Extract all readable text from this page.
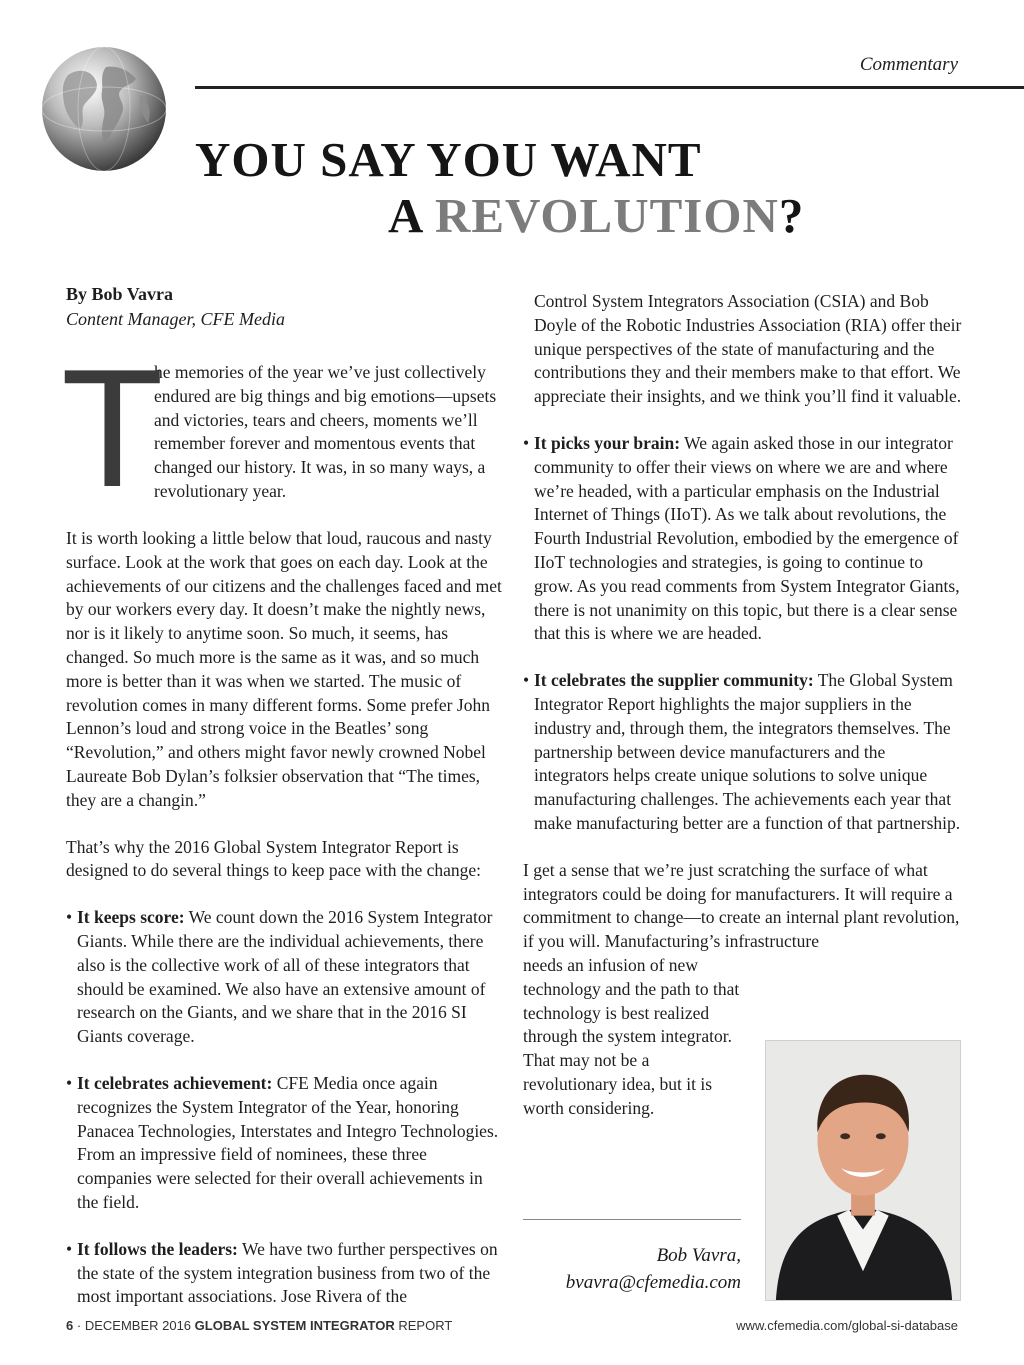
Commentary
YOU SAY YOU WANT
A REVOLUTION?
By Bob Vavra
Content Manager, CFE Media
T

he memories of the year we’ve just collectively endured are big things and big emotions—upsets and victories, tears and cheers, moments we’ll remember forever and momentous events that changed our history. It was, in so many ways, a revolutionary year.

It is worth looking a little below that loud, raucous and nasty surface. Look at the work that goes on each day. Look at the achievements of our citizens and the challenges faced and met by our workers every day. It doesn’t make the nightly news, nor is it likely to anytime soon. So much, it seems, has changed. So much more is the same as it was, and so much more is better than it was when we started. The music of revolution comes in many different forms. Some prefer John Lennon’s loud and strong voice in the Beatles’ song “Revolution,” and others might favor newly crowned Nobel Laureate Bob Dylan’s folksier observation that “The times, they are a changin.”

That’s why the 2016 Global System Integrator Report is designed to do several things to keep pace with the change:

• It keeps score: We count down the 2016 System Integrator Giants. While there are the individual achievements, there also is the collective work of all of these integrators that should be examined. We also have an extensive amount of research on the Giants, and we share that in the 2016 SI Giants coverage.
• It celebrates achievement: CFE Media once again recognizes the System Integrator of the Year, honoring Panacea Technologies, Interstates and Integro Technologies. From an impressive field of nominees, these three companies were selected for their overall achievements in the field.
• It follows the leaders: We have two further perspectives on the state of the system integration business from two of the most important associations. Jose Rivera of the

Control System Integrators Association (CSIA) and Bob Doyle of the Robotic Industries Association (RIA) offer their unique perspectives of the state of manufacturing and the contributions they and their members make to that effort. We appreciate their insights, and we think you’ll find it valuable.

• It picks your brain: We again asked those in our integrator community to offer their views on where we are and where we’re headed, with a particular emphasis on the Industrial Internet of Things (IIoT). As we talk about revolutions, the Fourth Industrial Revolution, embodied by the emergence of IIoT technologies and strategies, is going to continue to grow. As you read comments from System Integrator Giants, there is not unanimity on this topic, but there is a clear sense that this is where we are headed.
• It celebrates the supplier community: The Global System Integrator Report highlights the major suppliers in the industry and, through them, the integrators themselves. The partnership between device manufacturers and the integrators helps create unique solutions to solve unique manufacturing challenges. The achievements each year that make manufacturing better are a function of that partnership.

I get a sense that we’re just scratching the surface of what integrators could be doing for manufacturers. It will require a commitment to change—to create an internal plant revolution, if you will. Manufacturing’s infrastructure

needs an infusion of new technology and the path to that technology is best realized through the system integrator. That may not be a revolutionary idea, but it is worth considering.

Bob Vavra,
bvavra@cfemedia.com
6 · DECEMBER 2016 GLOBAL SYSTEM INTEGRATOR REPORT	www.cfemedia.com/global-si-database
